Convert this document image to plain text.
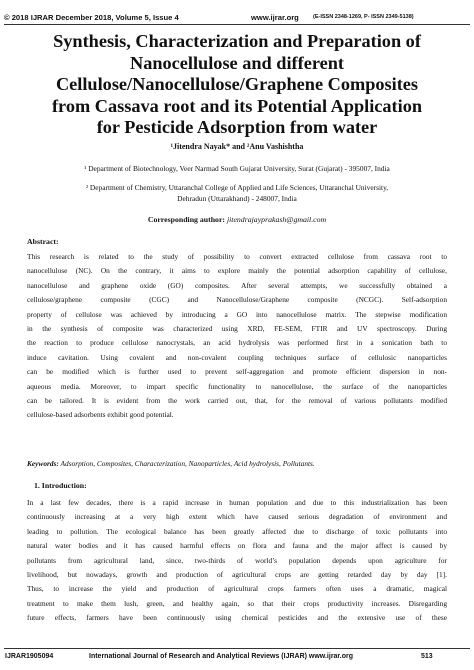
© 2018 IJRAR December 2018, Volume 5, Issue 4	www.ijrar.org	(E-ISSN 2348-1269, P- ISSN 2349-5138)
Synthesis, Characterization and Preparation of
Nanocellulose and different
Cellulose/Nanocellulose/Graphene Composites
from Cassava root and its Potential Application
for Pesticide Adsorption from water
¹Jitendra Nayak* and ²Anu Vashishtha
¹ Department of Biotechnology, Veer Narmad South Gujarat University, Surat (Gujarat) - 395007, India
² Department of Chemistry, Uttaranchal College of Applied and Life Sciences, Uttaranchal University,
Dehradun (Uttarakhand) - 248007, India
Corresponding author: jitendrajayprakash@gmail.com
Abstract:
This research is related to the study of possibility to convert extracted cellulose from cassava root to
nanocellulose (NC). On the contrary, it aims to explore mainly the potential adsorption capability of cellulose,
nanocellulose and graphene oxide (GO) composites. After several attempts, we successfully obtained a
cellulose/graphene composite (CGC) and Nanocellulose/Graphene composite (NCGC). Self-adsorption
property of cellulose was achieved by introducing a GO into nanocellulose matrix. The stepwise modification
in the synthesis of composite was characterized using XRD, FE-SEM, FTIR and UV spectroscopy. During
the reaction to produce cellulose nanocrystals, an acid hydrolysis was performed first in a sonication bath to
induce cavitation. Using covalent and non-covalent coupling techniques surface of cellulosic nanoparticles
can be modified which is further used to prevent self-aggregation and promote efficient dispersion in non-
aqueous media. Moreover, to impart specific functionality to nanocellulose, the surface of the nanoparticles
can be tailored. It is evident from the work carried out, that, for the removal of various pollutants modified
cellulose-based adsorbents exhibit good potential.
Keywords: Adsorption, Composites, Characterization, Nanoparticles, Acid hydrolysis, Pollutants.
1. Introduction:
In a last few decades, there is a rapid increase in human population and due to this industrialization has been
continuously increasing at a very high extent which have caused serious degradation of environment and
leading to pollution. The ecological balance has been greatly affected due to discharge of toxic pollutants into
natural water bodies and it has caused harmful effects on flora and fauna and the major affect is caused by
pollutants from agricultural land, since, two-thirds of world’s population depends upon agriculture for
livelihood, but nowadays, growth and production of agricultural crops are getting retarded day by day [1].
Thus, to increase the yield and production of agricultural crops farmers often uses a dramatic, magical
treatment to make them lush, green, and healthy again, so that their crops productivity increases. Disregarding
future effects, farmers have been continuously using chemical pesticides and the extensive use of these
IJRAR1905094	International Journal of Research and Analytical Reviews (IJRAR) www.ijrar.org	513
